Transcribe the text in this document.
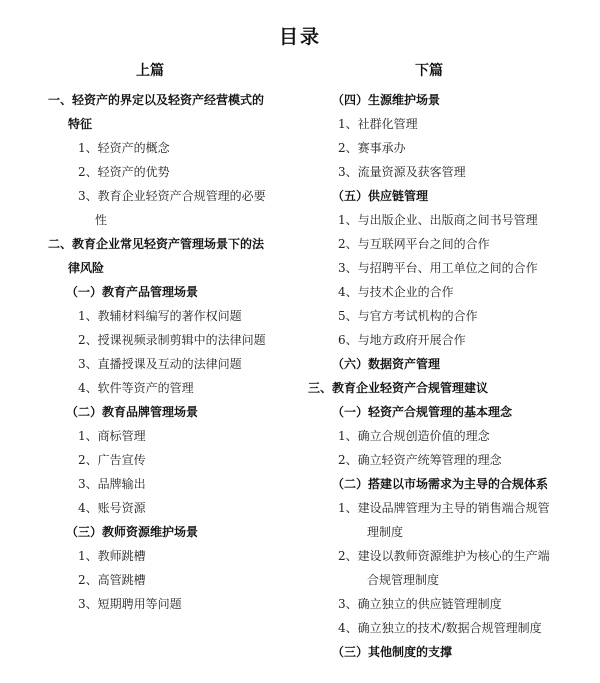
目录
上篇
一、轻资产的界定以及轻资产经营模式的
特征
1、轻资产的概念
2、轻资产的优势
3、教育企业轻资产合规管理的必要
性
二、教育企业常见轻资产管理场景下的法
律风险
（一）教育产品管理场景
1、教辅材料编写的著作权问题
2、授课视频录制剪辑中的法律问题
3、直播授课及互动的法律问题
4、软件等资产的管理
（二）教育品牌管理场景
1、商标管理
2、广告宣传
3、品牌输出
4、账号资源
（三）教师资源维护场景
1、教师跳槽
2、高管跳槽
3、短期聘用等问题
下篇
（四）生源维护场景
1、社群化管理
2、赛事承办
3、流量资源及获客管理
（五）供应链管理
1、与出版企业、出版商之间书号管理
2、与互联网平台之间的合作
3、与招聘平台、用工单位之间的合作
4、与技术企业的合作
5、与官方考试机构的合作
6、与地方政府开展合作
（六）数据资产管理
三、教育企业轻资产合规管理建议
（一）轻资产合规管理的基本理念
1、确立合规创造价值的理念
2、确立轻资产统筹管理的理念
（二）搭建以市场需求为主导的合规体系
1、建设品牌管理为主导的销售端合规管
理制度
2、建设以教师资源维护为核心的生产端
合规管理制度
3、确立独立的供应链管理制度
4、确立独立的技术/数据合规管理制度
（三）其他制度的支撑
